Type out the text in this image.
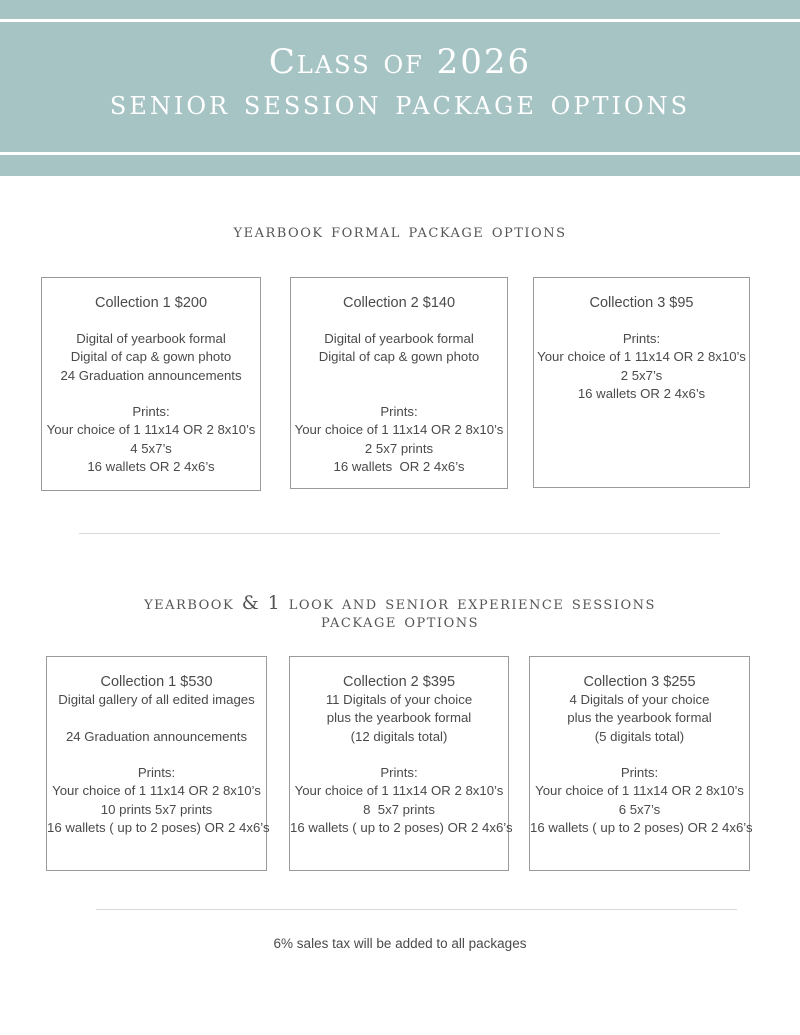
Class of 2026
senior session package options
yearbook formal package options
Collection 1 $200
Digital of yearbook formal
Digital of cap & gown photo
24 Graduation announcements
Prints:
Your choice of 1 11x14 OR 2 8x10’s
4 5x7’s
16 wallets OR 2 4x6’s
Collection 2 $140
Digital of yearbook formal
Digital of cap & gown photo
Prints:
Your choice of 1 11x14 OR 2 8x10’s
2 5x7 prints
16 wallets  OR 2 4x6’s
Collection 3 $95
Prints:
Your choice of 1 11x14 OR 2 8x10’s
2 5x7’s
16 wallets OR 2 4x6’s
yearbook & 1 look and senior experience sessions
package options
Collection 1 $530
Digital gallery of all edited images
24 Graduation announcements
Prints:
Your choice of 1 11x14 OR 2 8x10’s
10 prints 5x7 prints
16 wallets ( up to 2 poses) OR 2 4x6’s
Collection 2 $395
11 Digitals of your choice
plus the yearbook formal
(12 digitals total)
Prints:
Your choice of 1 11x14 OR 2 8x10’s
8  5x7 prints
16 wallets ( up to 2 poses) OR 2 4x6’s
Collection 3 $255
4 Digitals of your choice
plus the yearbook formal
(5 digitals total)
Prints:
Your choice of 1 11x14 OR 2 8x10’s
6 5x7’s
16 wallets ( up to 2 poses) OR 2 4x6’s
6% sales tax will be added to all packages
